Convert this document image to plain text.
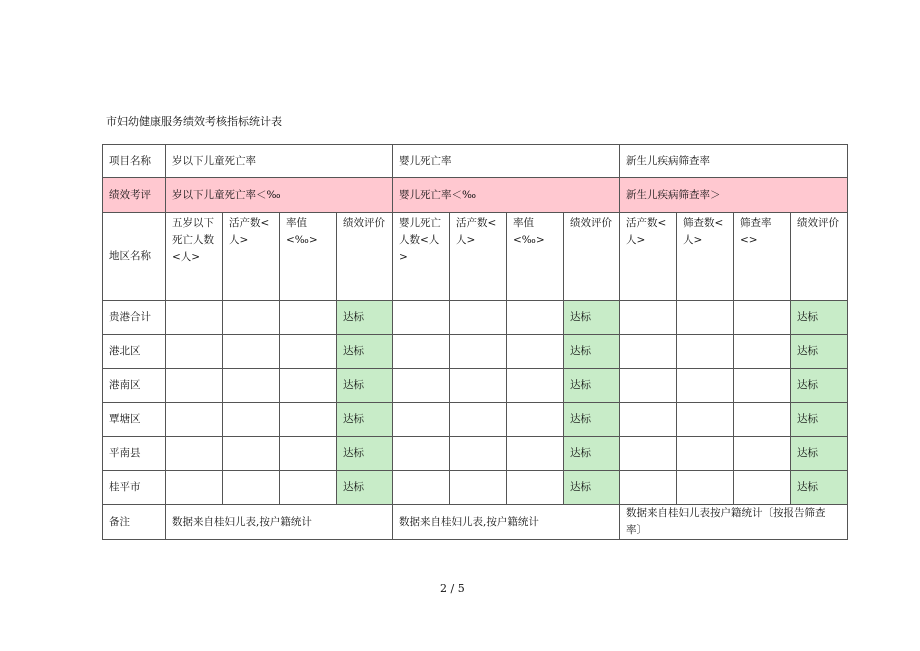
市妇幼健康服务绩效考核指标统计表
项目名称	岁以下儿童死亡率				婴儿死亡率				新生儿疾病筛查率			
绩效考评	岁以下儿童死亡率＜‰				婴儿死亡率＜‰				新生儿疾病筛查率＞			
地区名称	五岁以下死亡人数<人>	活产数<人>	率值<‰>	绩效评价	婴儿死亡人数<人>	活产数<人>	率值<‰>	绩效评价	活产数<人>	筛查数<人>	筛查率<>	绩效评价
贵港合计				达标				达标				达标
港北区				达标				达标				达标
港南区				达标				达标				达标
覃塘区				达标				达标				达标
平南县				达标				达标				达标
桂平市				达标				达标				达标
备注	数据来自桂妇儿表,按户籍统计				数据来自桂妇儿表,按户籍统计				数据来自桂妇儿表按户籍统计〔按报告筛查率〕			
2 / 5
